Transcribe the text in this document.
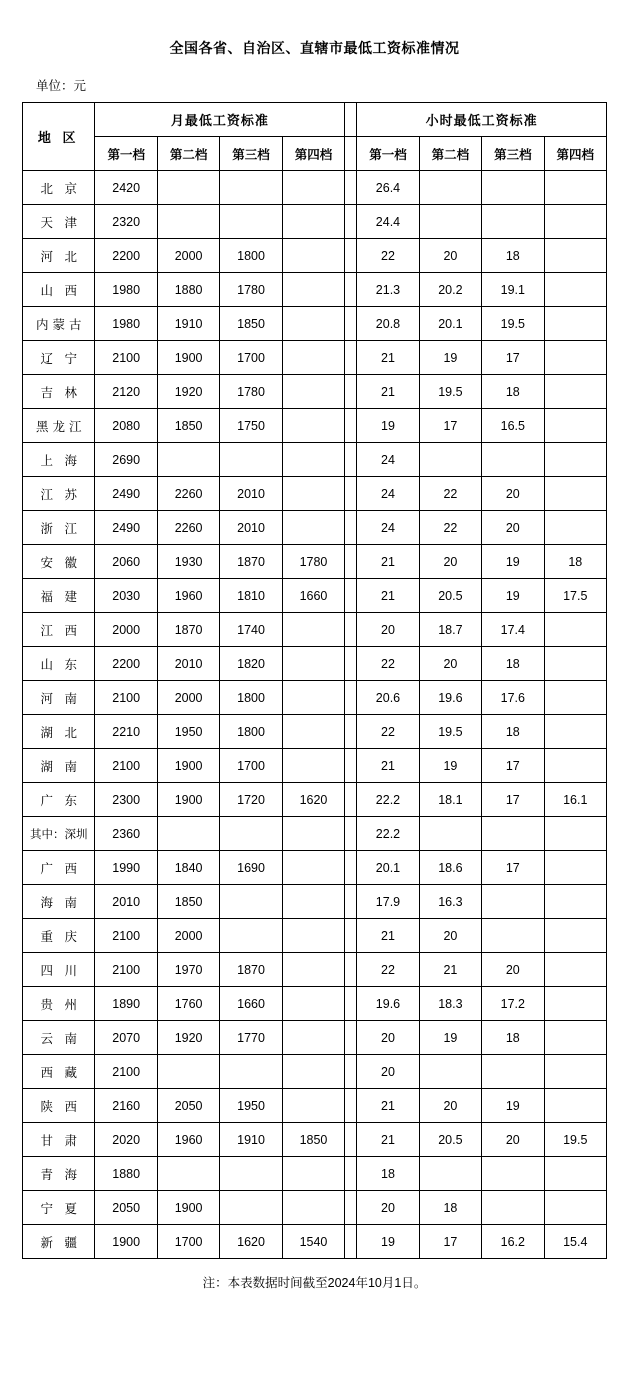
全国各省、自治区、直辖市最低工资标准情况
单位：元
地 区	月最低工资标准					小时最低工资标准			
	第一档	第二档	第三档	第四档		第一档	第二档	第三档	第四档
北 京	2420					26.4			
天 津	2320					24.4			
河 北	2200	2000	1800			22	20	18	
山 西	1980	1880	1780			21.3	20.2	19.1	
内蒙古	1980	1910	1850			20.8	20.1	19.5	
辽 宁	2100	1900	1700			21	19	17	
吉 林	2120	1920	1780			21	19.5	18	
黑龙江	2080	1850	1750			19	17	16.5	
上 海	2690					24			
江 苏	2490	2260	2010			24	22	20	
浙 江	2490	2260	2010			24	22	20	
安 徽	2060	1930	1870	1780		21	20	19	18
福 建	2030	1960	1810	1660		21	20.5	19	17.5
江 西	2000	1870	1740			20	18.7	17.4	
山 东	2200	2010	1820			22	20	18	
河 南	2100	2000	1800			20.6	19.6	17.6	
湖 北	2210	1950	1800			22	19.5	18	
湖 南	2100	1900	1700			21	19	17	
广 东	2300	1900	1720	1620		22.2	18.1	17	16.1
其中：深圳	2360					22.2			
广 西	1990	1840	1690			20.1	18.6	17	
海 南	2010	1850				17.9	16.3		
重 庆	2100	2000				21	20		
四 川	2100	1970	1870			22	21	20	
贵 州	1890	1760	1660			19.6	18.3	17.2	
云 南	2070	1920	1770			20	19	18	
西 藏	2100					20			
陕 西	2160	2050	1950			21	20	19	
甘 肃	2020	1960	1910	1850		21	20.5	20	19.5
青 海	1880					18			
宁 夏	2050	1900				20	18		
新 疆	1900	1700	1620	1540		19	17	16.2	15.4
注：本表数据时间截至2024年10月1日。
